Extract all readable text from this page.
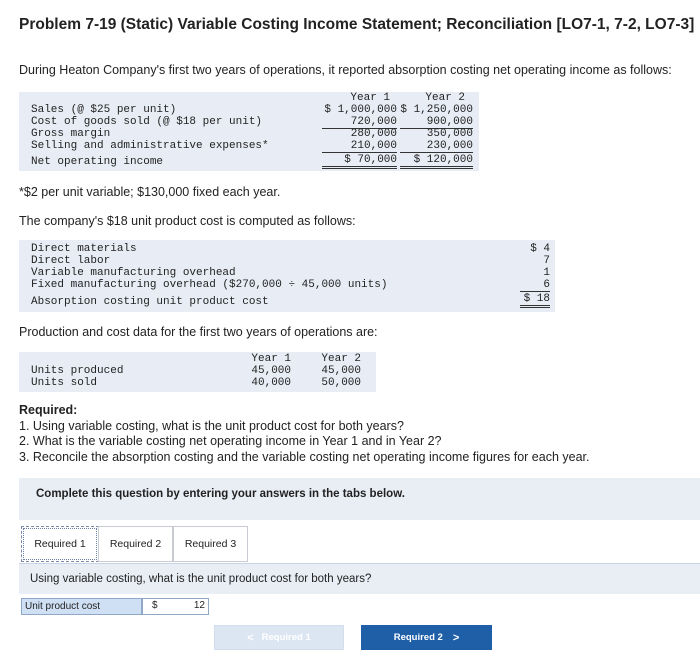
Problem 7-19 (Static) Variable Costing Income Statement; Reconciliation [LO7-1, 7-2, LO7-3]
During Heaton Company's first two years of operations, it reported absorption costing net operating income as follows:
Year 1	Year 2
Sales (@ $25 per unit)	$ 1,000,000 $ 1,250,000
Cost of goods sold (@ $18 per unit)	720,000	900,000
Gross margin	280,000	350,000
Selling and administrative expenses*	210,000	230,000
Net operating income	$ 70,000	$ 120,000
*$2 per unit variable; $130,000 fixed each year.
The company's $18 unit product cost is computed as follows:
Direct materials	$ 4
Direct labor	7
Variable manufacturing overhead	1
Fixed manufacturing overhead ($270,000 ÷ 45,000 units)	6
Absorption costing unit product cost	$ 18
Production and cost data for the first two years of operations are:
Year 1	Year 2
Units produced	45,000	45,000
Units sold	40,000	50,000
Required:
1. Using variable costing, what is the unit product cost for both years?
2. What is the variable costing net operating income in Year 1 and in Year 2?
3. Reconcile the absorption costing and the variable costing net operating income figures for each year.
Complete this question by entering your answers in the tabs below.
Required 1	Required 2	Required 3
Using variable costing, what is the unit product cost for both years?
Unit product cost	$	12
< Required 1	Required 2 >
